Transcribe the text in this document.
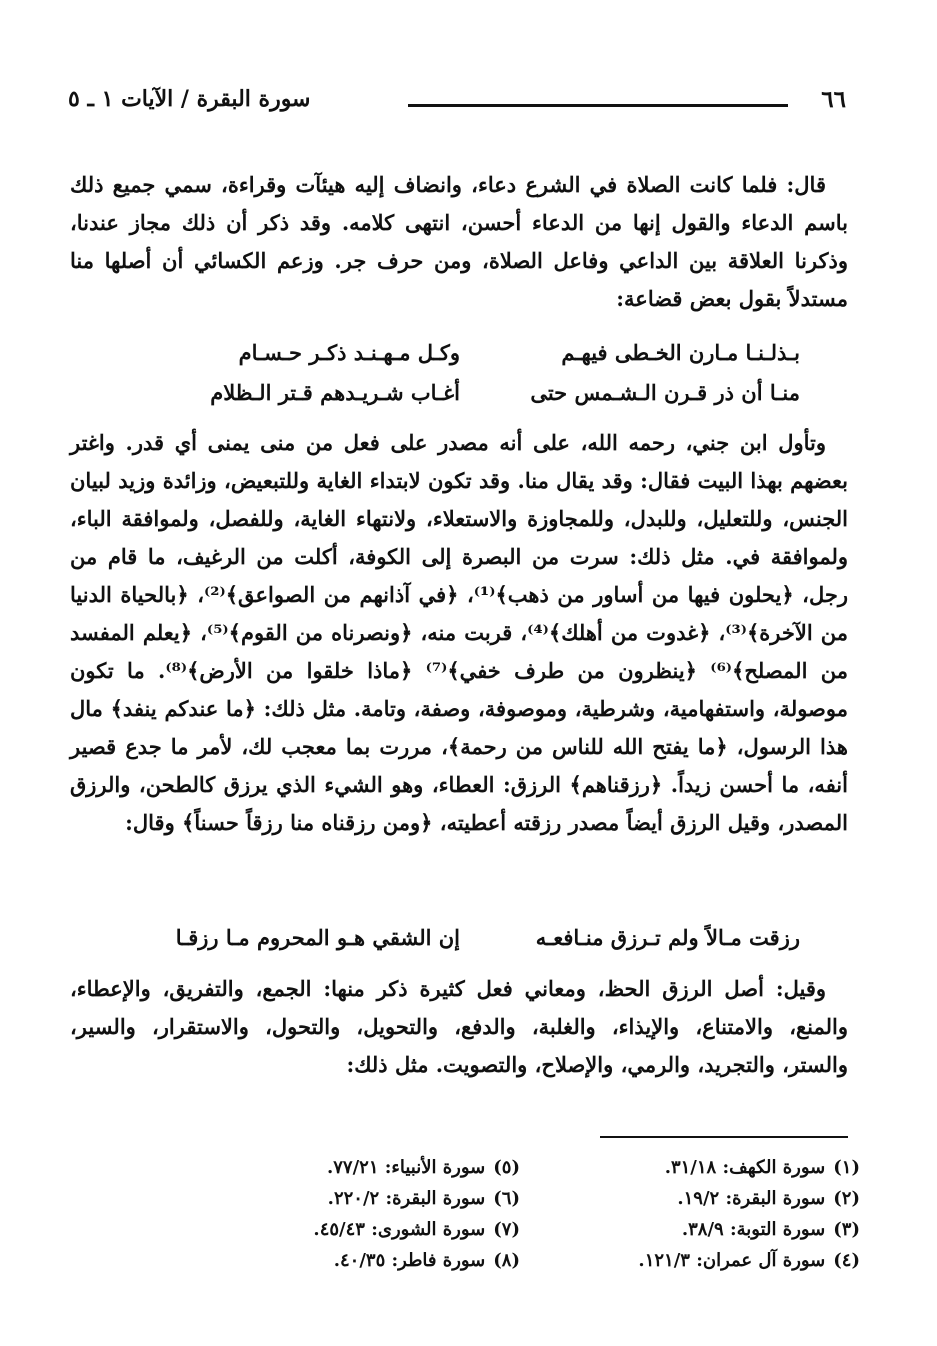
٦٦
سورة البقرة / الآيات ١ ـ ٥

قال: فلما كانت الصلاة في الشرع دعاء، وانضاف إليه هيئآت وقراءة، سمي جميع ذلك باسم الدعاء والقول إنها من الدعاء أحسن، انتهى كلامه. وقد ذكر أن ذلك مجاز عندنا، وذكرنا العلاقة بين الداعي وفاعل الصلاة، ومن حرف جر. وزعم الكسائي أن أصلها منا مستدلاً بقول بعض قضاعة:

بـذلـنـا مـارن الخـطى فيهـم
وكـل مـهـنـد ذكـر حـسـام
منـا أن ذر قـرن الـشـمس حتى
أغـاب شـريـدهم قـتر الـظلام

وتأول ابن جني، رحمه الله، على أنه مصدر على فعل من منى يمنى أي قدر. واغتر بعضهم بهذا البيت فقال: وقد يقال منا. وقد تكون لابتداء الغاية وللتبعيض، وزائدة وزيد لبيان الجنس، وللتعليل، وللبدل، وللمجاوزة والاستعلاء، ولانتهاء الغاية، وللفصل، ولموافقة الباء، ولموافقة في. مثل ذلك: سرت من البصرة إلى الكوفة، أكلت من الرغيف، ما قام من رجل، ﴿يحلون فيها من أساور من ذهب﴾⁽¹⁾، ﴿في آذانهم من الصواعق﴾⁽²⁾، ﴿بالحياة الدنيا من الآخرة﴾⁽³⁾، ﴿غدوت من أهلك﴾⁽⁴⁾، قربت منه، ﴿ونصرناه من القوم﴾⁽⁵⁾، ﴿يعلم المفسد من المصلح﴾⁽⁶⁾ ﴿ينظرون من طرف خفي﴾⁽⁷⁾ ﴿ماذا خلقوا من الأرض﴾⁽⁸⁾. ما تكون موصولة، واستفهامية، وشرطية، وموصوفة، وصفة، وتامة. مثل ذلك: ﴿ما عندكم ينفد﴾ مال هذا الرسول، ﴿ما يفتح الله للناس من رحمة﴾، مررت بما معجب لك، لأمر ما جدع قصير أنفه، ما أحسن زيداً. ﴿رزقناهم﴾ الرزق: العطاء، وهو الشيء الذي يرزق كالطحن، والرزق المصدر، وقيل الرزق أيضاً مصدر رزقته أعطيته، ﴿ومن رزقناه منا رزقاً حسناً﴾ وقال:

رزقت مـالاً ولم تـرزق منـافعـه
إن الشقي هـو المحروم مـا رزقـا

وقيل: أصل الرزق الحظ، ومعاني فعل كثيرة ذكر منها: الجمع، والتفريق، والإعطاء، والمنع، والامتناع، والإيذاء، والغلبة، والدفع، والتحويل، والتحول، والاستقرار، والسير، والستر، والتجريد، والرمي، والإصلاح، والتصويت. مثل ذلك:

(١)سورة الكهف: ٣١/١٨.
(٢)سورة البقرة: ١٩/٢.
(٣)سورة التوبة: ٣٨/٩.
(٤)سورة آل عمران: ١٢١/٣.
(٥)سورة الأنبياء: ٧٧/٢١.
(٦)سورة البقرة: ٢٢٠/٢.
(٧)سورة الشورى: ٤٥/٤٣.
(٨)سورة فاطر: ٤٠/٣٥.
